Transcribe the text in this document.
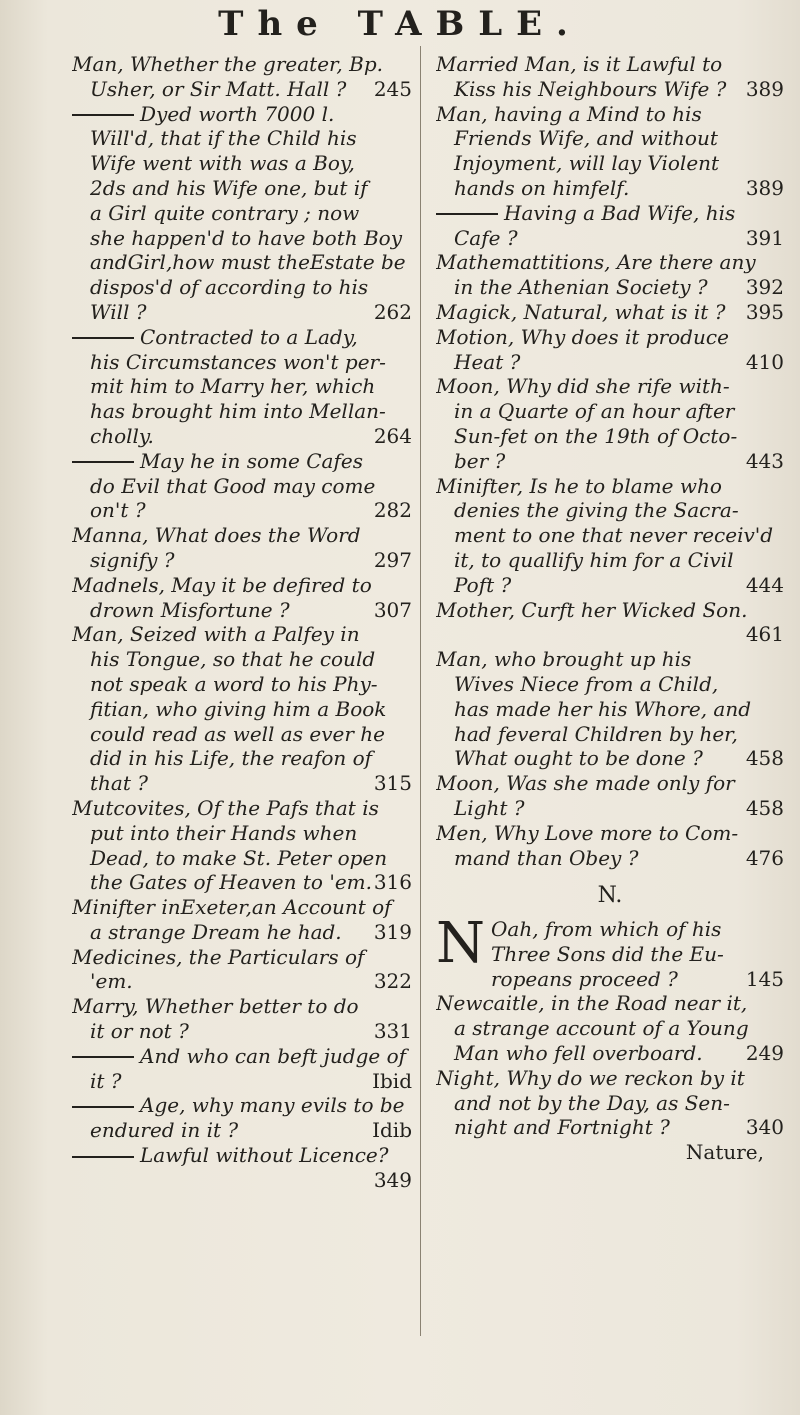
The TABLE.
Man, Whether the greater, Bp.
Usher, or Sir Matt. Hall ? 245
Dyed worth 7000 l.
Will'd, that if the Child his
Wife went with was a Boy,
2ds and his Wife one, but if
a Girl quite contrary ; now
she happen'd to have both Boy
andGirl,how must theEstate be
dispos'd of according to his
Will ?	262
Contracted to a Lady,
his Circumstances won't per-
mit him to Marry her, which
has brought him into Mellan-
cholly.	264
May he in some Cafes
do Evil that Good may come
on't ?	282
Manna, What does the Word
signify ?	297
Madnels, May it be defired to
drown Misfortune ?	307
Man, Seized with a Palfey in
his Tongue, so that he could
not speak a word to his Phy-
fitian, who giving him a Book
could read as well as ever he
did in his Life, the reafon of
that ?	315
Mutcovites, Of the Pafs that is
put into their Hands when
Dead, to make St. Peter open
the Gates of Heaven to 'em. 316
Minifter inExeter,an Account of
a strange Dream he had. 319
Medicines, the Particulars of
'em.	322
Marry, Whether better to do
it or not ?	331
And who can beft judge of
it ?	Ibid
Age, why many evils to be
endured in it ?	Idib
Lawful without Licence?
349
Married Man, is it Lawful to
Kiss his Neighbours Wife ? 389
Man, having a Mind to his
Friends Wife, and without
Injoyment, will lay Violent
hands on himfelf.	389
Having a Bad Wife, his
Cafe ?	391
Mathemattitions, Are there any
in the Athenian Society ? 392
Magick, Natural, what is it ? 395
Motion, Why does it produce
Heat ?	410
Moon, Why did she rife with-
in a Quarte of an hour after
Sun-fet on the 19th of Octo-
ber ?	443
Minifter, Is he to blame who
denies the giving the Sacra-
ment to one that never receiv'd
it, to quallify him for a Civil
Poft ?	444
Mother, Curft her Wicked Son.
461
Man, who brought up his
Wives Niece from a Child,
has made her his Whore, and
had feveral Children by her,
What ought to be done ? 458
Moon, Was she made only for
Light ?	458
Men, Why Love more to Com-
mand than Obey ?	476
N.
N Oah, from which of his
Three Sons did the Eu-
ropeans proceed ?	145
Newcaitle, in the Road near it,
a strange account of a Young
Man who fell overboard. 249
Night, Why do we reckon by it
and not by the Day, as Sen-
night and Fortnight ?	340
Nature,
